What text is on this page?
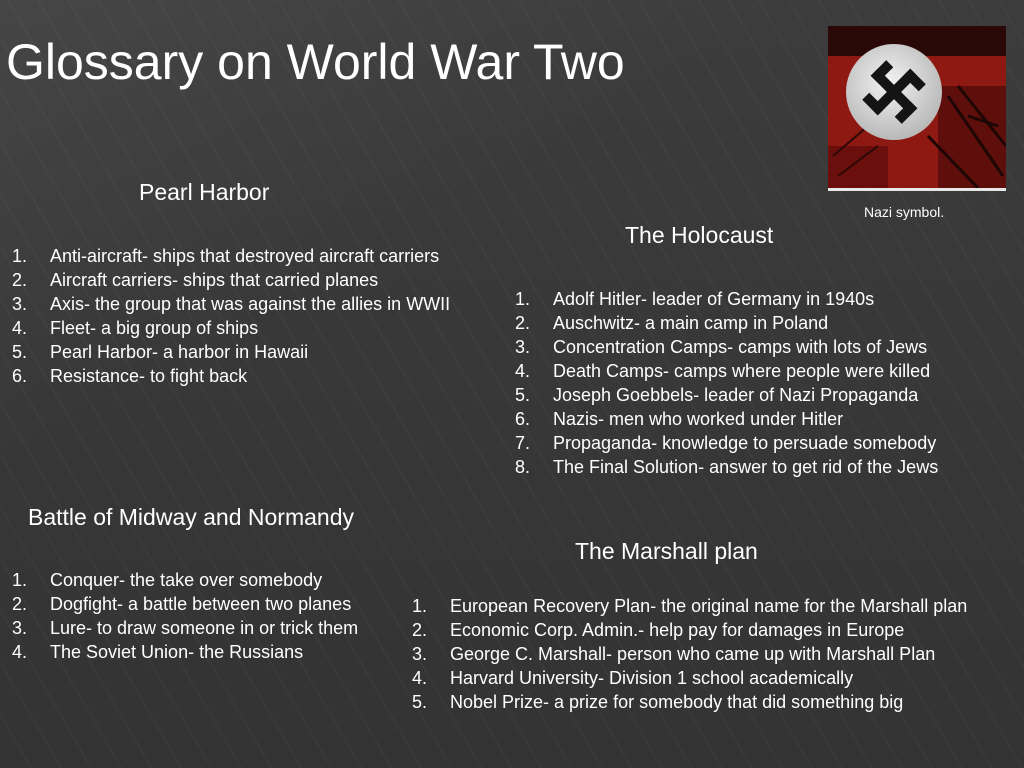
Glossary on World War Two
Nazi symbol.
Pearl Harbor
1. Anti-aircraft- ships that destroyed aircraft carriers
2. Aircraft carriers- ships that carried planes
3. Axis- the group that was against the allies in WWII
4. Fleet- a big group of ships
5. Pearl Harbor- a harbor in Hawaii
6. Resistance- to fight back
The Holocaust
1. Adolf Hitler- leader of Germany in 1940s
2. Auschwitz- a main camp in Poland
3. Concentration Camps- camps with lots of Jews
4. Death Camps- camps where people were killed
5. Joseph Goebbels- leader of Nazi Propaganda
6. Nazis- men who worked under Hitler
7. Propaganda- knowledge to persuade somebody
8. The Final Solution- answer to get rid of the Jews
Battle of Midway and Normandy
1. Conquer- the take over somebody
2. Dogfight- a battle between two planes
3. Lure- to draw someone in or trick them
4. The Soviet Union- the Russians
The Marshall plan
1. European Recovery Plan- the original name for the Marshall plan
2. Economic Corp. Admin.- help pay for damages in Europe
3. George C. Marshall- person who came up with Marshall Plan
4. Harvard University- Division 1 school academically
5. Nobel Prize- a prize for somebody that did something big
